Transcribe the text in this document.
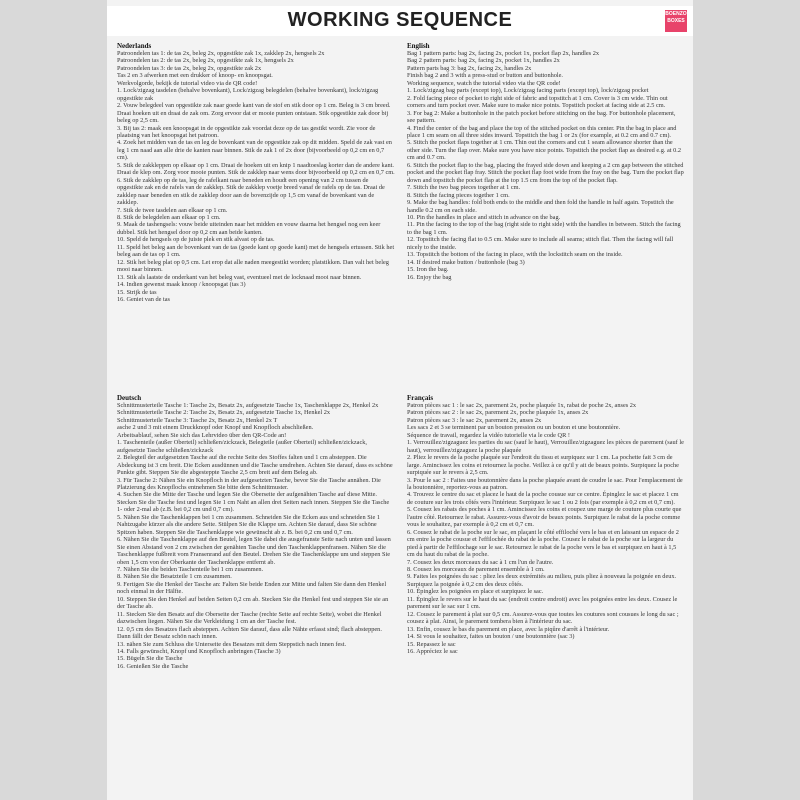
WORKING SEQUENCE	BOENZO BOXES
Nederlands

Patroondelen tas 1: de tas 2x, beleg 2x, opgestikte zak 1x, zakklep 2x, hengsels 2x

Patroondelen tas 2: de tas 2x, beleg 2x, opgestikte zak 1x, hengsels 2x

Patroondelen tas 3: de tas 2x, beleg 2x, opgestikte zak 2x

Tas 2 en 3 afwerken met een drukker of knoop- en knoopsgat.

Werkvolgorde, bekijk de tutorial video via de QR code!

1. Lock/zigzag tasdelen (behalve bovenkant), Lock/zigzag belegdelen (behalve bovenkant), lock/zigzag opgestikte zak

2. Vouw belegdeel van opgestikte zak naar goede kant van de stof en stik door op 1 cm. Beleg is 3 cm breed. Draai hoeken uit en draai de zak om. Zorg ervoor dat er mooie punten ontstaan. Stik opgestikte zak door bij beleg op 2,5 cm.

3. Bij tas 2: maak een knoopsgat in de opgestikte zak voordat deze op de tas gestikt wordt. Zie voor de plaatsing van het knoopsgat het patroon.

4. Zoek het midden van de tas en leg de bovenkant van de opgestikte zak op dit midden. Speld de zak vast en leg 1 cm naad aan alle drie de kanten naar binnen. Stik de zak 1 of 2x door (bijvoorbeeld op 0,2 cm en 0,7 cm).

5. Stik de zakkleppen op elkaar op 1 cm. Draai de hoeken uit en knip 1 naadtoeslag korter dan de andere kant. Draai de klep om. Zorg voor mooie punten. Stik de zakklep naar wens door bijvoorbeeld op 0,2 cm en 0,7 cm.

6. Stik de zakklep op de tas, leg de rafelkant naar beneden en houdt een opening van 2 cm tussen de opgestikte zak en de rafels van de zakklep. Stik de zakklep voetje breed vanaf de rafels op de tas. Draai de zakklep naar beneden en stik de zakklep door aan de bovenzijde op 1,5 cm vanaf de bovenkant van de zakklep.

7. Stik de twee tasdelen aan elkaar op 1 cm.

8. Stik de belegdelen aan elkaar op 1 cm.

9. Maak de tashengsels: vouw beide uiteinden naar het midden en vouw daarna het hengsel nog een keer dubbel. Stik het hengsel door op 0,2 cm aan beide kanten.

10. Speld de hengsels op de juiste plek en stik alvast op de tas.

11. Speld het beleg aan de bovenkant van de tas (goede kant op goede kant) met de hengsels ertussen. Stik het beleg aan de tas op 1 cm.

12. Stik het beleg plat op 0,5 cm. Let erop dat alle naden meegestikt worden; platstikken. Dan valt het beleg mooi naar binnen.

13. Stik als laatste de onderkant van het beleg vast, eventueel met de locknaad mooi naar binnen.

14. Indien gewenst maak knoop / knoopsgat (tas 3)

15. Strijk de tas

16. Geniet van de tas

English

Bag 1 pattern parts: bag 2x, facing 2x, pocket 1x, pocket flap 2x, handles 2x

Bag 2 pattern parts: bag 2x, facing 2x, pocket 1x, handles 2x

Pattern parts bag 3: bag 2x, facing 2x, handles 2x

Finish bag 2 and 3 with a press-stud or button and buttonhole.

Working sequence, watch the tutorial video via the QR code!

1. Lock/zigzag bag parts (except top), Lock/zigzag facing parts (except top), lock/zigzag pocket

2. Fold facing piece of pocket to right side of fabric and topstitch at 1 cm. Cover is 3 cm wide. Thin out corners and turn pocket over. Make sure to make nice points. Topstitch pocket at facing side at 2.5 cm.

3. For bag 2: Make a buttonhole in the patch pocket before stitching on the bag. For buttonhole placement, see pattern.

4. Find the center of the bag and place the top of the stitched pocket on this center. Pin the bag in place and place 1 cm seam on all three sides inward. Topstitch the bag 1 or 2x (for example, at 0.2 cm and 0.7 cm).

5. Stitch the pocket flaps together at 1 cm. Thin out the corners and cut 1 seam allowance shorter than the other side. Turn the flap over. Make sure you have nice points. Topstitch the pocket flap as desired e.g. at 0.2 cm and 0.7 cm.

6. Stitch the pocket flap to the bag, placing the frayed side down and keeping a 2 cm gap between the stitched pocket and the pocket flap fray. Stitch the pocket flap foot wide from the fray on the bag. Turn the pocket flap down and topstitch the pocket flap at the top 1.5 cm from the top of the pocket flap.

7. Stitch the two bag pieces together at 1 cm.

8. Stitch the facing pieces together 1 cm.

9. Make the bag handles: fold both ends to the middle and then fold the handle in half again. Topstitch the handle 0.2 cm on each side.

10. Pin the handles in place and stitch in advance on the bag.

11. Pin the facing to the top of the bag (right side to right side) with the handles in between. Stitch the facing to the bag 1 cm.

12. Topstitch the facing flat to 0.5 cm. Make sure to include all seams; stitch flat. Then the facing will fall nicely to the inside.

13. Topstitch the bottom of the facing in place, with the lockstitch seam on the inside.

14. If desired make button / buttonhole (bag 3)

15. Iron the bag.

16. Enjoy the bag

Deutsch

Schnittmusterteile Tasche 1: Tasche 2x, Besatz 2x, aufgesetzte Tasche 1x, Taschenklappe 2x, Henkel 2x

Schnittmusterteile Tasche 2: Tasche 2x, Besatz 2x, aufgesetzte Tasche 1x, Henkel 2x

Schnittmusterteile Tasche 3: Tasche 2x, Besatz 2x, Henkel 2x T

asche 2 und 3 mit einem Druckknopf oder Knopf und Knopfloch abschließen.

Arbeitsablauf, sehen Sie sich das Lehrvideo über den QR-Code an!

1. Taschenteile (außer Oberteil) schließen/zickzack, Belegteile (außer Oberteil) schließen/zickzack, aufgesetzte Tasche schließen/zickzack

2. Belegteil der aufgesetzten Tasche auf die rechte Seite des Stoffes falten und 1 cm absteppen. Die Abdeckung ist 3 cm breit. Die Ecken ausdünnen und die Tasche umdrehen. Achten Sie darauf, dass es schöne Punkte gibt. Steppen Sie die abgesteppte Tasche 2,5 cm breit auf dem Beleg ab.

3. Für Tasche 2: Nähen Sie ein Knopfloch in der aufgesetzten Tasche, bevor Sie die Tasche annähen. Die Platzierung des Knopflochs entnehmen Sie bitte dem Schnittmuster.

4. Suchen Sie die Mitte der Tasche und legen Sie die Oberseite der aufgenähten Tasche auf diese Mitte. Stecken Sie die Tasche fest und legen Sie 1 cm Naht an allen drei Seiten nach innen. Steppen Sie die Tasche 1- oder 2-mal ab (z.B. bei 0,2 cm und 0,7 cm).

5. Nähen Sie die Taschenklappen bei 1 cm zusammen. Schneiden Sie die Ecken aus und schneiden Sie 1 Nahtzugabe kürzer als die andere Seite. Stülpen Sie die Klappe um. Achten Sie darauf, dass Sie schöne Spitzen haben. Steppen Sie die Taschenklappe wie gewünscht ab z. B. bei 0,2 cm und 0,7 cm.

6. Nähen Sie die Taschenklappe auf den Beutel, legen Sie dabei die ausgefranste Seite nach unten und lassen Sie einen Abstand von 2 cm zwischen der genähten Tasche und den Taschenklappenfransen. Nähen Sie die Taschenklappe fußbreit vom Fransenrand auf den Beutel. Drehen Sie die Taschenklappe um und steppen Sie oben 1,5 cm von der Oberkante der Taschenklappe entfernt ab.

7. Nähen Sie die beiden Taschenteile bei 1 cm zusammen.

8. Nähen Sie die Besatzteile 1 cm zusammen.

9. Fertigen Sie die Henkel der Tasche an: Falten Sie beide Enden zur Mitte und falten Sie dann den Henkel noch einmal in der Hälfte.

10. Steppen Sie den Henkel auf beiden Seiten 0,2 cm ab. Stecken Sie die Henkel fest und steppen Sie sie an der Tasche ab.

11. Stecken Sie den Besatz auf die Oberseite der Tasche (rechte Seite auf rechte Seite), wobei die Henkel dazwischen liegen. Nähen Sie die Verkleidung 1 cm an der Tasche fest.

12. 0,5 cm des Besatzes flach absteppen. Achten Sie darauf, dass alle Nähte erfasst sind; flach absteppen. Dann fällt der Besatz schön nach innen.

13. nähen Sie zum Schluss die Unterseite des Besatzes mit dem Steppstich nach innen fest.

14. Falls gewünscht, Knopf und Knopfloch anbringen (Tasche 3)

15. Bügeln Sie die Tasche

16. Genießen Sie die Tasche

Français

Patron pièces sac 1 : le sac 2x, parement 2x, poche plaquée 1x, rabat de poche 2x, anses 2x

Patron pièces sac 2 : le sac 2x, parement 2x, poche plaquée 1x, anses 2x

Patron pièces sac 3 : le sac 2x, parement 2x, anses 2x

Les sacs 2 et 3 se terminent par un bouton pression ou un bouton et une boutonnière.

Séquence de travail, regardez la vidéo tutorielle via le code QR !

1. Verrouillez/zigzaguez les parties du sac (sauf le haut), Verrouillez/zigzaguez les pièces de parement (sauf le haut), verrouillez/zigzaguez la poche plaquée

2. Pliez le revers de la poche plaquée sur l'endroit du tissu et surpiquez sur 1 cm. La pochette fait 3 cm de large. Amincissez les coins et retournez la poche. Veillez à ce qu'il y ait de beaux points. Surpiquez la poche surpiquée sur le revers à 2,5 cm.

3. Pour le sac 2 : Faites une boutonnière dans la poche plaquée avant de coudre le sac. Pour l'emplacement de la boutonnière, reportez-vous au patron.

4. Trouvez le centre du sac et placez le haut de la poche cousue sur ce centre. Épinglez le sac et placez 1 cm de couture sur les trois côtés vers l'intérieur. Surpiquez le sac 1 ou 2 fois (par exemple à 0,2 cm et 0,7 cm).

5. Cousez les rabats des poches à 1 cm. Amincissez les coins et coupez une marge de couture plus courte que l'autre côté. Retournez le rabat. Assurez-vous d'avoir de beaux points. Surpiquez le rabat de la poche comme vous le souhaitez, par exemple à 0,2 cm et 0,7 cm.

6. Cousez le rabat de la poche sur le sac, en plaçant le côté effiloché vers le bas et en laissant un espace de 2 cm entre la poche cousue et l'effilochée du rabat de la poche. Cousez le rabat de la poche sur la largeur du pied à partir de l'effilochage sur le sac. Retournez le rabat de la poche vers le bas et surpiquez en haut à 1,5 cm du haut du rabat de la poche.

7. Cousez les deux morceaux du sac à 1 cm l'un de l'autre.

8. Cousez les morceaux de parement ensemble à 1 cm.

9. Faites les poignées du sac : pliez les deux extrémités au milieu, puis pliez à nouveau la poignée en deux. Surpiquez la poignée à 0,2 cm des deux côtés.

10. Épinglez les poignées en place et surpiquez le sac.

11. Épinglez le revers sur le haut du sac (endroit contre endroit) avec les poignées entre les deux. Cousez le parement sur le sac sur 1 cm.

12. Cousez le parement à plat sur 0,5 cm. Assurez-vous que toutes les coutures sont cousues le long du sac ; cousez à plat. Ainsi, le parement tombera bien à l'intérieur du sac.

13. Enfin, cousez le bas du parement en place, avec la piqûre d'arrêt à l'intérieur.

14. Si vous le souhaitez, faites un bouton / une boutonnière (sac 3)

15. Repassez le sac

16. Appréciez le sac
